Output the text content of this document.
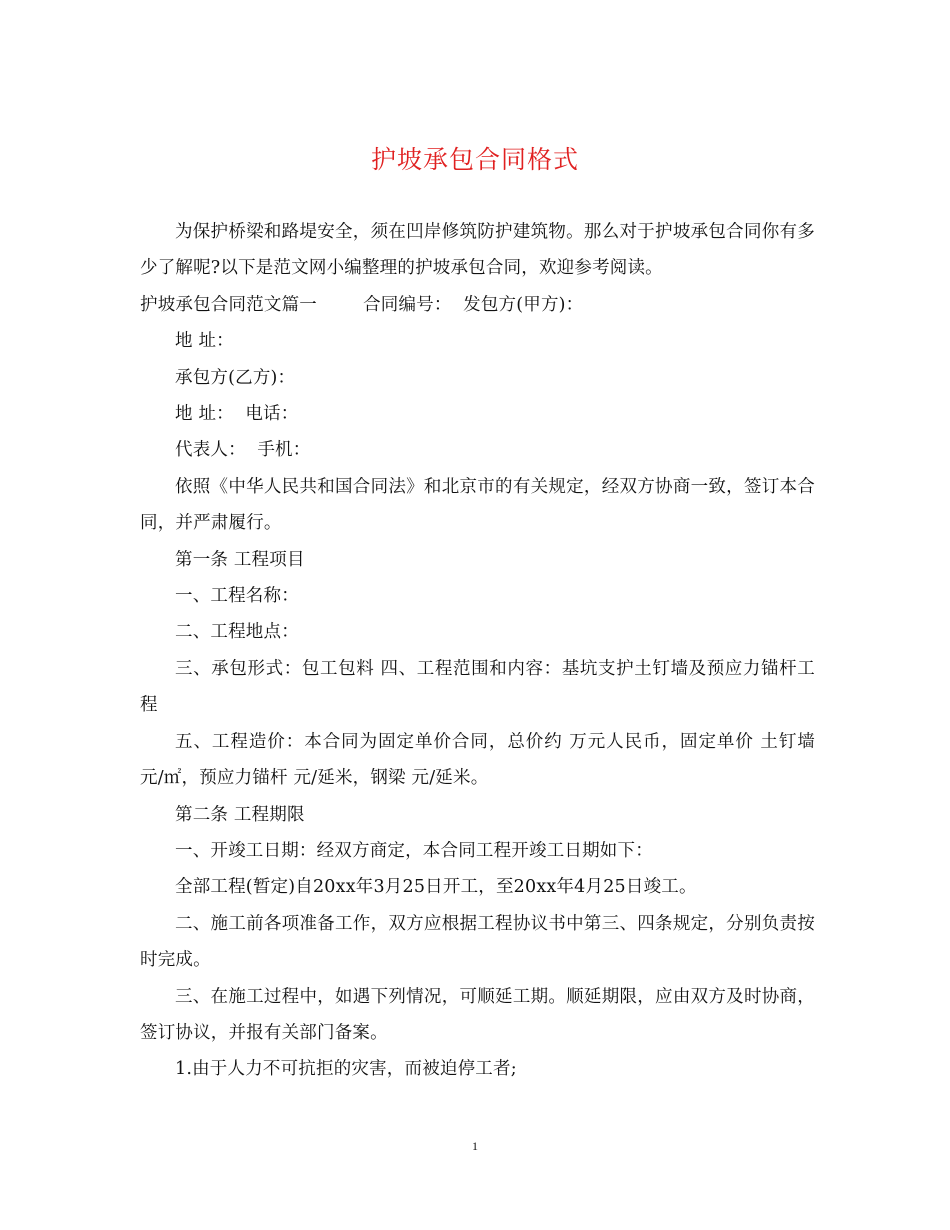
护坡承包合同格式

为保护桥梁和路堤安全，须在凹岸修筑防护建筑物。那么对于护坡承包合同你有多少了解呢?以下是范文网小编整理的护坡承包合同，欢迎参考阅读。

护坡承包合同范文篇一        合同编号：  发包方(甲方)：

地 址：

承包方(乙方)：

地 址：  电话：

代表人：  手机：

依照《中华人民共和国合同法》和北京市的有关规定，经双方协商一致，签订本合同，并严肃履行。

第一条 工程项目

一、工程名称：

二、工程地点：

三、承包形式：包工包料 四、工程范围和内容：基坑支护土钉墙及预应力锚杆工程

五、工程造价：本合同为固定单价合同，总价约 万元人民币，固定单价 土钉墙 元/㎡，预应力锚杆 元/延米，钢梁 元/延米。

第二条 工程期限

一、开竣工日期：经双方商定，本合同工程开竣工日期如下：

全部工程(暂定)自20xx年3月25日开工，至20xx年4月25日竣工。

二、施工前各项准备工作，双方应根据工程协议书中第三、四条规定，分别负责按时完成。

三、在施工过程中，如遇下列情况，可顺延工期。顺延期限，应由双方及时协商，签订协议，并报有关部门备案。

1.由于人力不可抗拒的灾害，而被迫停工者;

1
